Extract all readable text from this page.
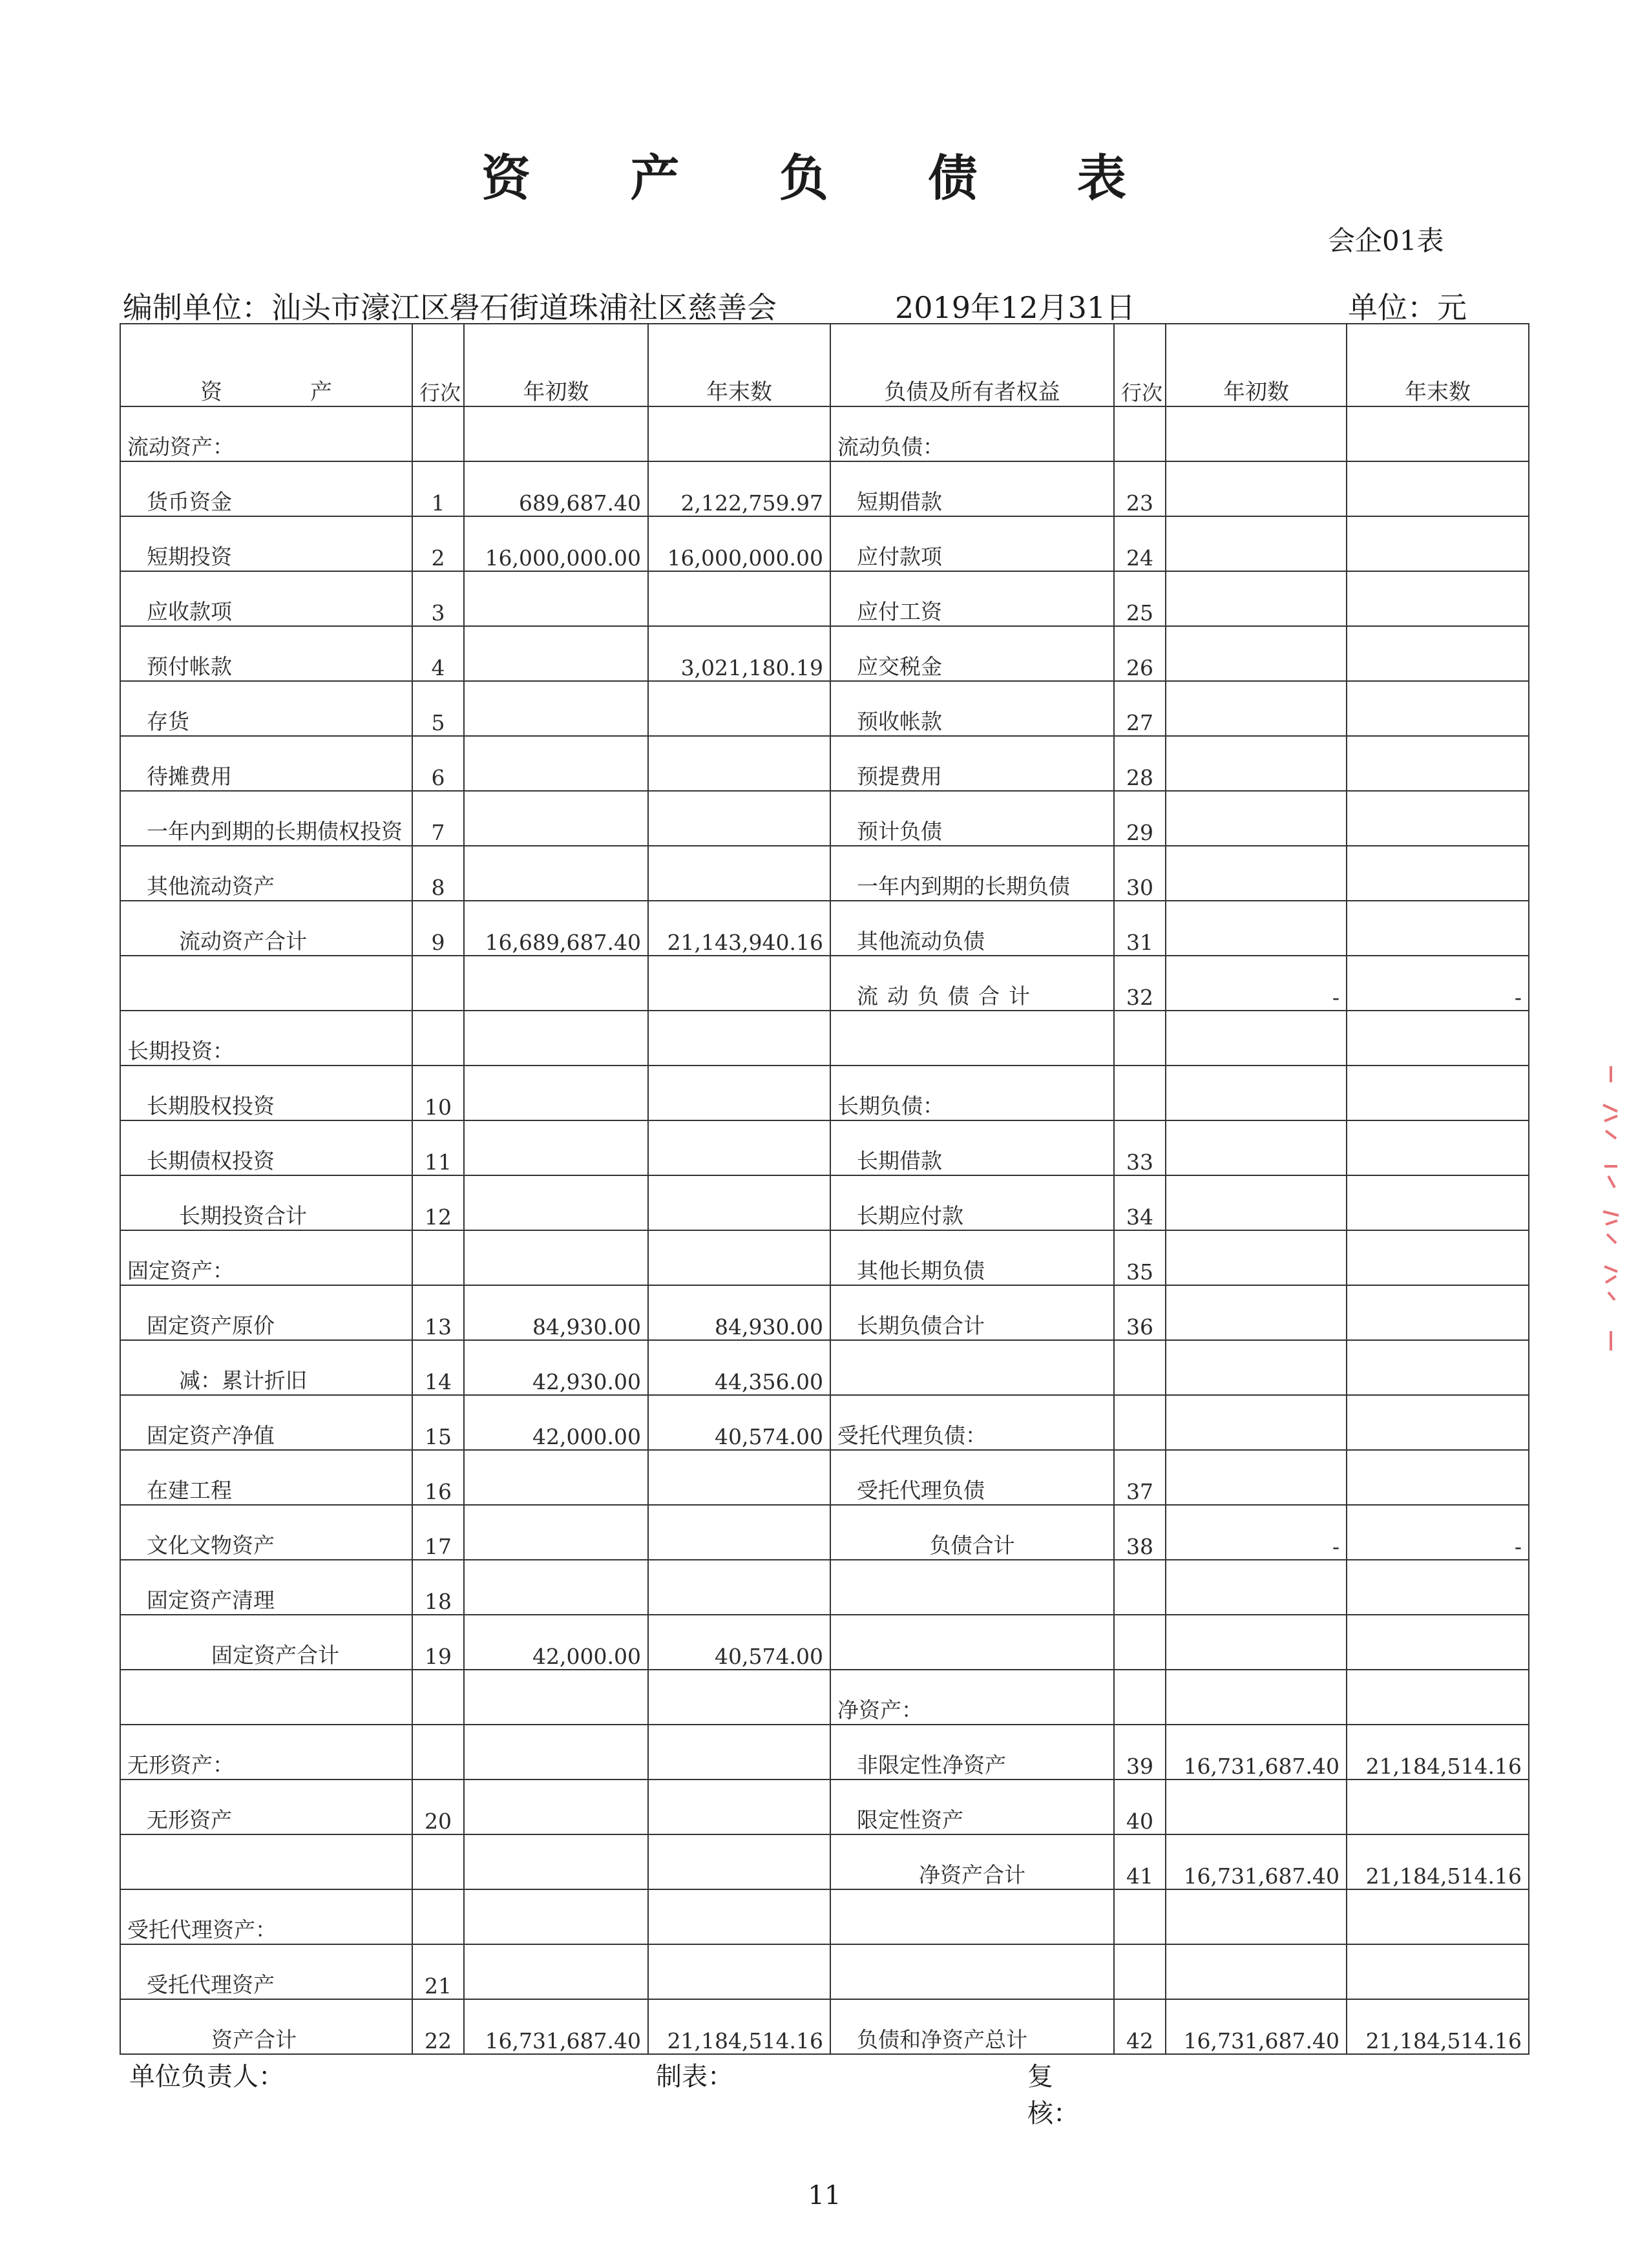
资 产 负 债 表
会企01表
编制单位：汕头市濠江区礐石街道珠浦社区慈善会	2019年12月31日	单位：元
资　　　　产	行次	年初数	年末数	负债及所有者权益	行次	年初数	年末数
流动资产：				流动负债：			
货币资金	1	689,687.40	2,122,759.97	短期借款	23		
短期投资	2	16,000,000.00	16,000,000.00	应付款项	24		
应收款项	3			应付工资	25		
预付帐款	4		3,021,180.19	应交税金	26		
存货	5			预收帐款	27		
待摊费用	6			预提费用	28		
一年内到期的长期债权投资	7			预计负债	29		
其他流动资产	8			一年内到期的长期负债	30		
流动资产合计	9	16,689,687.40	21,143,940.16	其他流动负债	31		
				流动负债合计	32	-	-
长期投资：							
长期股权投资	10			长期负债：			
长期债权投资	11			长期借款	33		
长期投资合计	12			长期应付款	34		
固定资产：				其他长期负债	35		
固定资产原价	13	84,930.00	84,930.00	长期负债合计	36		
减：累计折旧	14	42,930.00	44,356.00				
固定资产净值	15	42,000.00	40,574.00	受托代理负债：			
在建工程	16			受托代理负债	37		
文化文物资产	17			负债合计	38	-	-
固定资产清理	18						
固定资产合计	19	42,000.00	40,574.00				
				净资产：			
无形资产：				非限定性净资产	39	16,731,687.40	21,184,514.16
无形资产	20			限定性资产	40		
				净资产合计	41	16,731,687.40	21,184,514.16
受托代理资产：							
受托代理资产	21						
资产合计	22	16,731,687.40	21,184,514.16	负债和净资产总计	42	16,731,687.40	21,184,514.16
单位负责人：	制表：	复核：
11
